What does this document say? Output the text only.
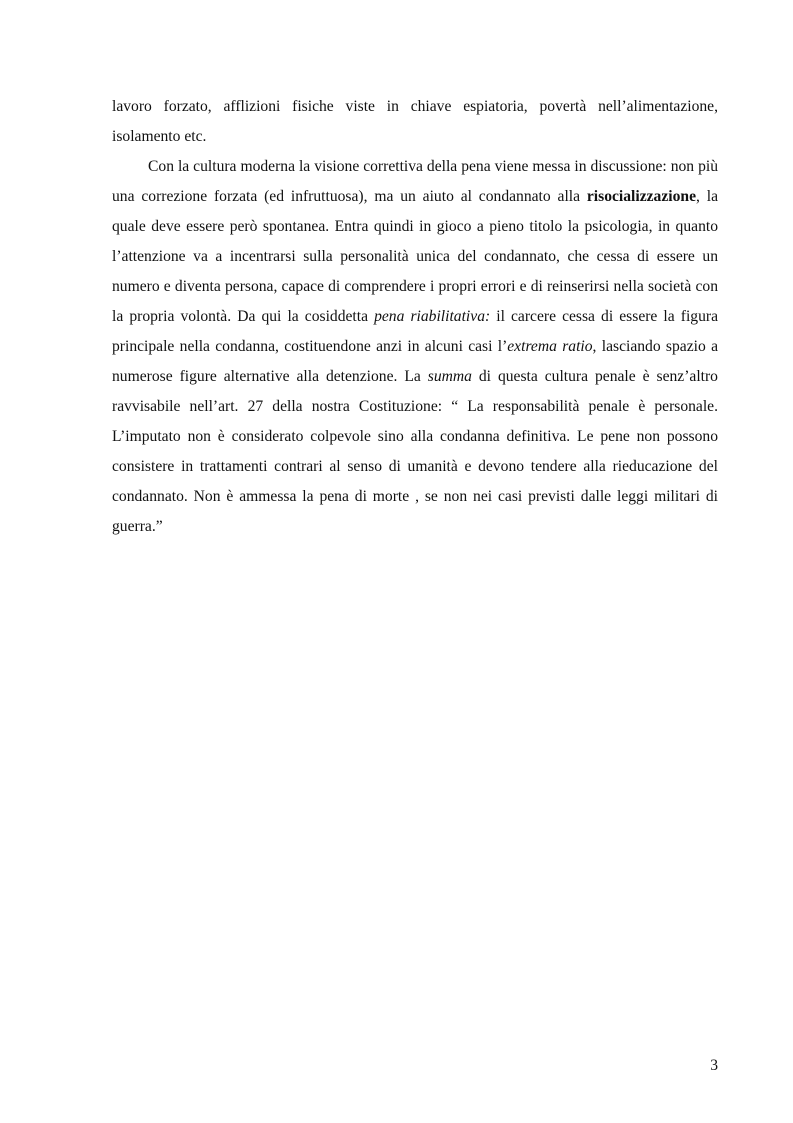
lavoro forzato, afflizioni fisiche viste in chiave espiatoria, povertà nell’alimentazione, isolamento etc.

Con la cultura moderna la visione correttiva della pena viene messa in discussione: non più una correzione forzata (ed infruttuosa), ma un aiuto al condannato alla risocializzazione, la quale deve essere però spontanea. Entra quindi in gioco a pieno titolo la psicologia, in quanto l’attenzione va a incentrarsi sulla personalità unica del condannato, che cessa di essere un numero e diventa persona, capace di comprendere i propri errori e di reinserirsi nella società con la propria volontà. Da qui la cosiddetta pena riabilitativa: il carcere cessa di essere la figura principale nella condanna, costituendone anzi in alcuni casi l’extrema ratio, lasciando spazio a numerose figure alternative alla detenzione. La summa di questa cultura penale è senz’altro ravvisabile nell’art. 27 della nostra Costituzione: “ La responsabilità penale è personale. L’imputato non è considerato colpevole sino alla condanna definitiva. Le pene non possono consistere in trattamenti contrari al senso di umanità e devono tendere alla rieducazione del condannato. Non è ammessa la pena di morte , se non nei casi previsti dalle leggi militari di guerra.”

3
